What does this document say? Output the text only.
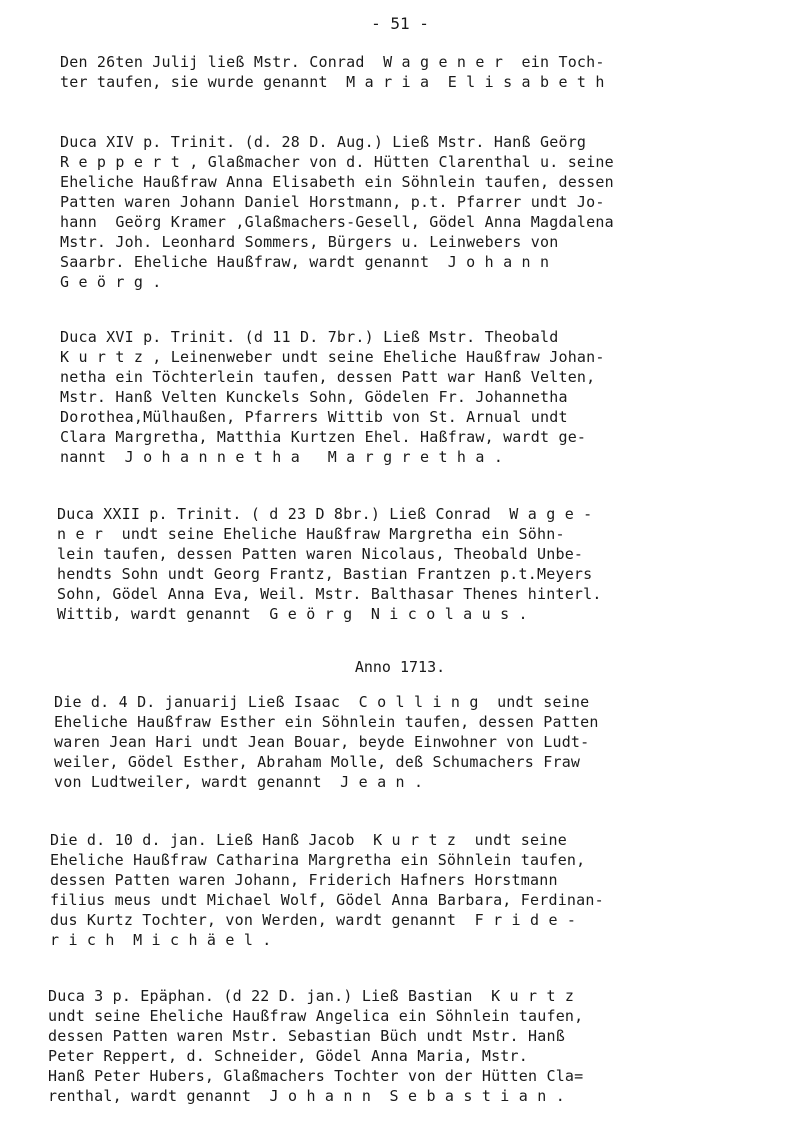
- 51 -
Den 26ten Julij ließ Mstr. Conrad  W a g e n e r  ein Toch-
ter taufen, sie wurde genannt  M a r i a  E l i s a b e t h
Duca XIV p. Trinit. (d. 28 D. Aug.) Ließ Mstr. Hanß Geörg
R e p p e r t , Glaßmacher von d. Hütten Clarenthal u. seine
Eheliche Haußfraw Anna Elisabeth ein Söhnlein taufen, dessen
Patten waren Johann Daniel Horstmann, p.t. Pfarrer undt Jo-
hann  Geörg Kramer ,Glaßmachers-Gesell, Gödel Anna Magdalena
Mstr. Joh. Leonhard Sommers, Bürgers u. Leinwebers von
Saarbr. Eheliche Haußfraw, wardt genannt  J o h a n n
G e ö r g .
Duca XVI p. Trinit. (d 11 D. 7br.) Ließ Mstr. Theobald
K u r t z , Leinenweber undt seine Eheliche Haußfraw Johan-
netha ein Töchterlein taufen, dessen Patt war Hanß Velten,
Mstr. Hanß Velten Kunckels Sohn, Gödelen Fr. Johannetha
Dorothea,Mülhaußen, Pfarrers Wittib von St. Arnual undt
Clara Margretha, Matthia Kurtzen Ehel. Haßfraw, wardt ge-
nannt  J o h a n n e t h a   M a r g r e t h a .
Duca XXII p. Trinit. ( d 23 D 8br.) Ließ Conrad  W a g e -
n e r  undt seine Eheliche Haußfraw Margretha ein Söhn-
lein taufen, dessen Patten waren Nicolaus, Theobald Unbe-
hendts Sohn undt Georg Frantz, Bastian Frantzen p.t.Meyers
Sohn, Gödel Anna Eva, Weil. Mstr. Balthasar Thenes hinterl.
Wittib, wardt genannt  G e ö r g  N i c o l a u s .
Die d. 4 D. januarij Ließ Isaac  C o l l i n g  undt seine
Eheliche Haußfraw Esther ein Söhnlein taufen, dessen Patten
waren Jean Hari undt Jean Bouar, beyde Einwohner von Ludt-
weiler, Gödel Esther, Abraham Molle, deß Schumachers Fraw
von Ludtweiler, wardt genannt  J e a n .
Die d. 10 d. jan. Ließ Hanß Jacob  K u r t z  undt seine
Eheliche Haußfraw Catharina Margretha ein Söhnlein taufen,
dessen Patten waren Johann, Friderich Hafners Horstmann
filius meus undt Michael Wolf, Gödel Anna Barbara, Ferdinan-
dus Kurtz Tochter, von Werden, wardt genannt  F r i d e -
r i c h  M i c h ä e l .
Duca 3 p. Epäphan. (d 22 D. jan.) Ließ Bastian  K u r t z
undt seine Eheliche Haußfraw Angelica ein Söhnlein taufen,
dessen Patten waren Mstr. Sebastian Büch undt Mstr. Hanß
Peter Reppert, d. Schneider, Gödel Anna Maria, Mstr.
Hanß Peter Hubers, Glaßmachers Tochter von der Hütten Cla=
renthal, wardt genannt  J o h a n n  S e b a s t i a n .
Anno 1713.
